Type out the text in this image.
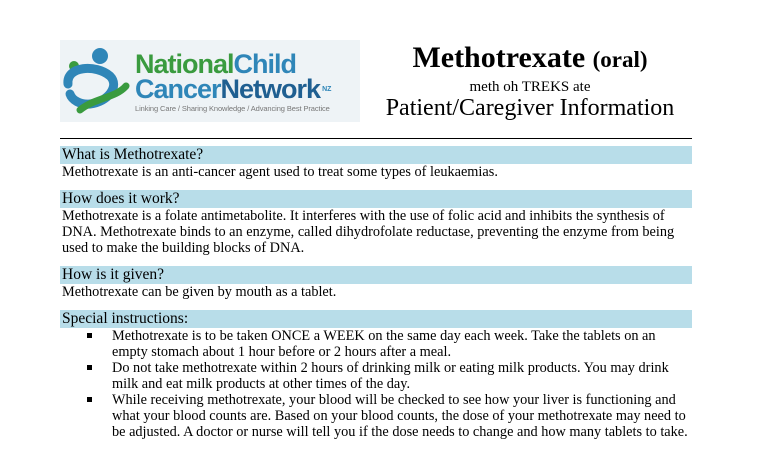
NationalChild
CancerNetwork $^{NZ}$
Linking Care / Sharing Knowledge / Advancing Best Practice
Methotrexate (oral)
meth oh TREKS ate
Patient/Caregiver Information
What is Methotrexate?
Methotrexate is an anti-cancer agent used to treat some types of leukaemias.
How does it work?
Methotrexate is a folate antimetabolite. It interferes with the use of folic acid and inhibits the synthesis of DNA. Methotrexate binds to an enzyme, called dihydrofolate reductase, preventing the enzyme from being used to make the building blocks of DNA.
How is it given?
Methotrexate can be given by mouth as a tablet.
Special instructions:
Methotrexate is to be taken ONCE a WEEK on the same day each week. Take the tablets on an empty stomach about 1 hour before or 2 hours after a meal.
Do not take methotrexate within 2 hours of drinking milk or eating milk products. You may drink milk and eat milk products at other times of the day.
While receiving methotrexate, your blood will be checked to see how your liver is functioning and what your blood counts are. Based on your blood counts, the dose of your methotrexate may need to be adjusted. A doctor or nurse will tell you if the dose needs to change and how many tablets to take.
